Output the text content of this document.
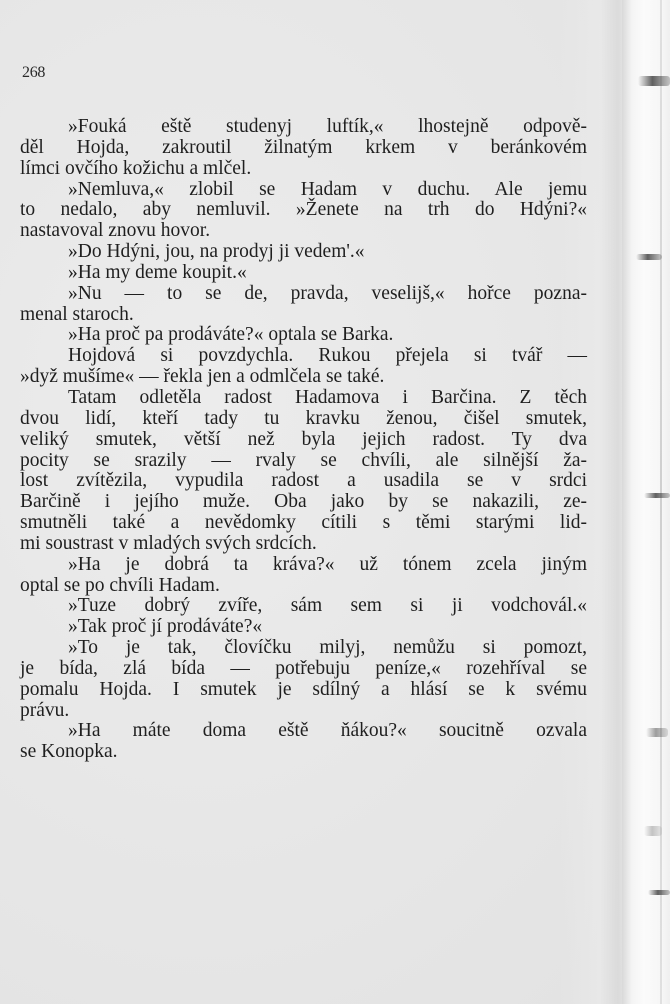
268
»Fouká eště studenyj luftík,« lhostejně odpově-
děl Hojda, zakroutil žilnatým krkem v beránkovém
límci ovčího kožichu a mlčel.
»Nemluva,« zlobil se Hadam v duchu. Ale jemu
to nedalo, aby nemluvil. »Ženete na trh do Hdýni?«
nastavoval znovu hovor.
»Do Hdýni, jou, na prodyj ji vedem'.«
»Ha my deme koupit.«
»Nu — to se de, pravda, veselijš,« hořce pozna-
menal staroch.
»Ha proč pa prodáváte?« optala se Barka.
Hojdová si povzdychla. Rukou přejela si tvář —
»dyž mušíme« — řekla jen a odmlčela se také.
Tatam odletěla radost Hadamova i Barčina. Z těch
dvou lidí, kteří tady tu kravku ženou, čišel smutek,
veliký smutek, větší než byla jejich radost. Ty dva
pocity se srazily — rvaly se chvíli, ale silnější ža-
lost zvítězila, vypudila radost a usadila se v srdci
Barčině i jejího muže. Oba jako by se nakazili, ze-
smutněli také a nevědomky cítili s těmi starými lid-
mi soustrast v mladých svých srdcích.
»Ha je dobrá ta kráva?« už tónem zcela jiným
optal se po chvíli Hadam.
»Tuze dobrý zvíře, sám sem si ji vodchovál.«
»Tak proč jí prodáváte?«
»To je tak, človíčku milyj, nemůžu si pomozt,
je bída, zlá bída — potřebuju peníze,« rozehříval se
pomalu Hojda. I smutek je sdílný a hlásí se k svému
právu.
»Ha máte doma eště ňákou?« soucitně ozvala
se Konopka.
